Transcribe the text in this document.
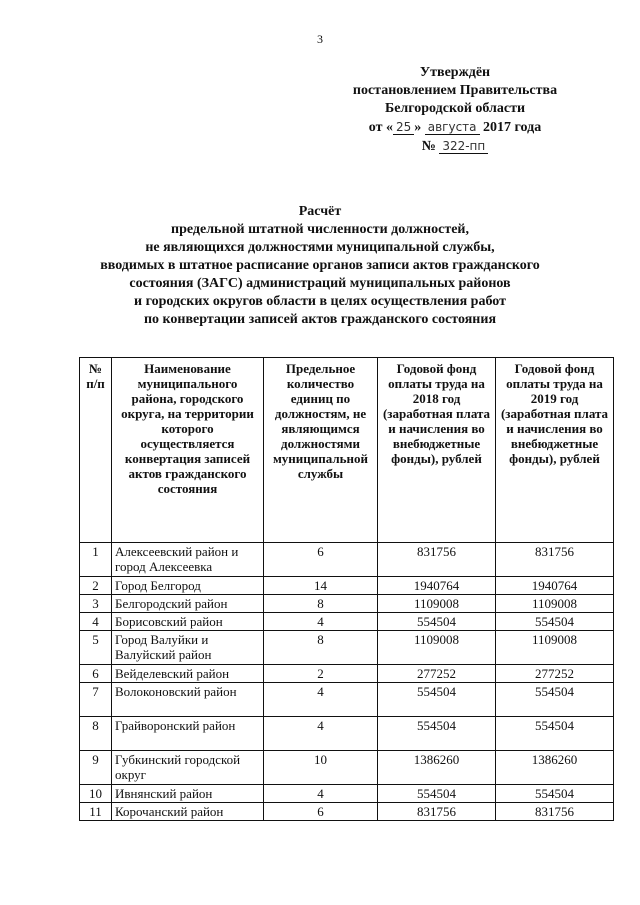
3
Утверждён
постановлением Правительства
Белгородской области
от « 25 » августа 2017 года
№ 322-пп
Расчёт
предельной штатной численности должностей,
не являющихся должностями муниципальной службы,
вводимых в штатное расписание органов записи актов гражданского
состояния (ЗАГС) администраций муниципальных районов
и городских округов области в целях осуществления работ
по конвертации записей актов гражданского состояния
№ п/п	Наименование муниципального района, городского округа, на территории которого осуществляется конвертация записей актов гражданского состояния	Предельное количество единиц по должностям, не являющимся должностями муниципальной службы	Годовой фонд оплаты труда на 2018 год (заработная плата и начисления во внебюджетные фонды), рублей	Годовой фонд оплаты труда на 2019 год (заработная плата и начисления во внебюджетные фонды), рублей
1	Алексеевский район и город Алексеевка	6	831756	831756
2	Город Белгород	14	1940764	1940764
3	Белгородский район	8	1109008	1109008
4	Борисовский район	4	554504	554504
5	Город Валуйки и Валуйский район	8	1109008	1109008
6	Вейделевский район	2	277252	277252
7	Волоконовский район	4	554504	554504
8	Грайворонский район	4	554504	554504
9	Губкинский городской округ	10	1386260	1386260
10	Ивнянский район	4	554504	554504
11	Корочанский район	6	831756	831756
